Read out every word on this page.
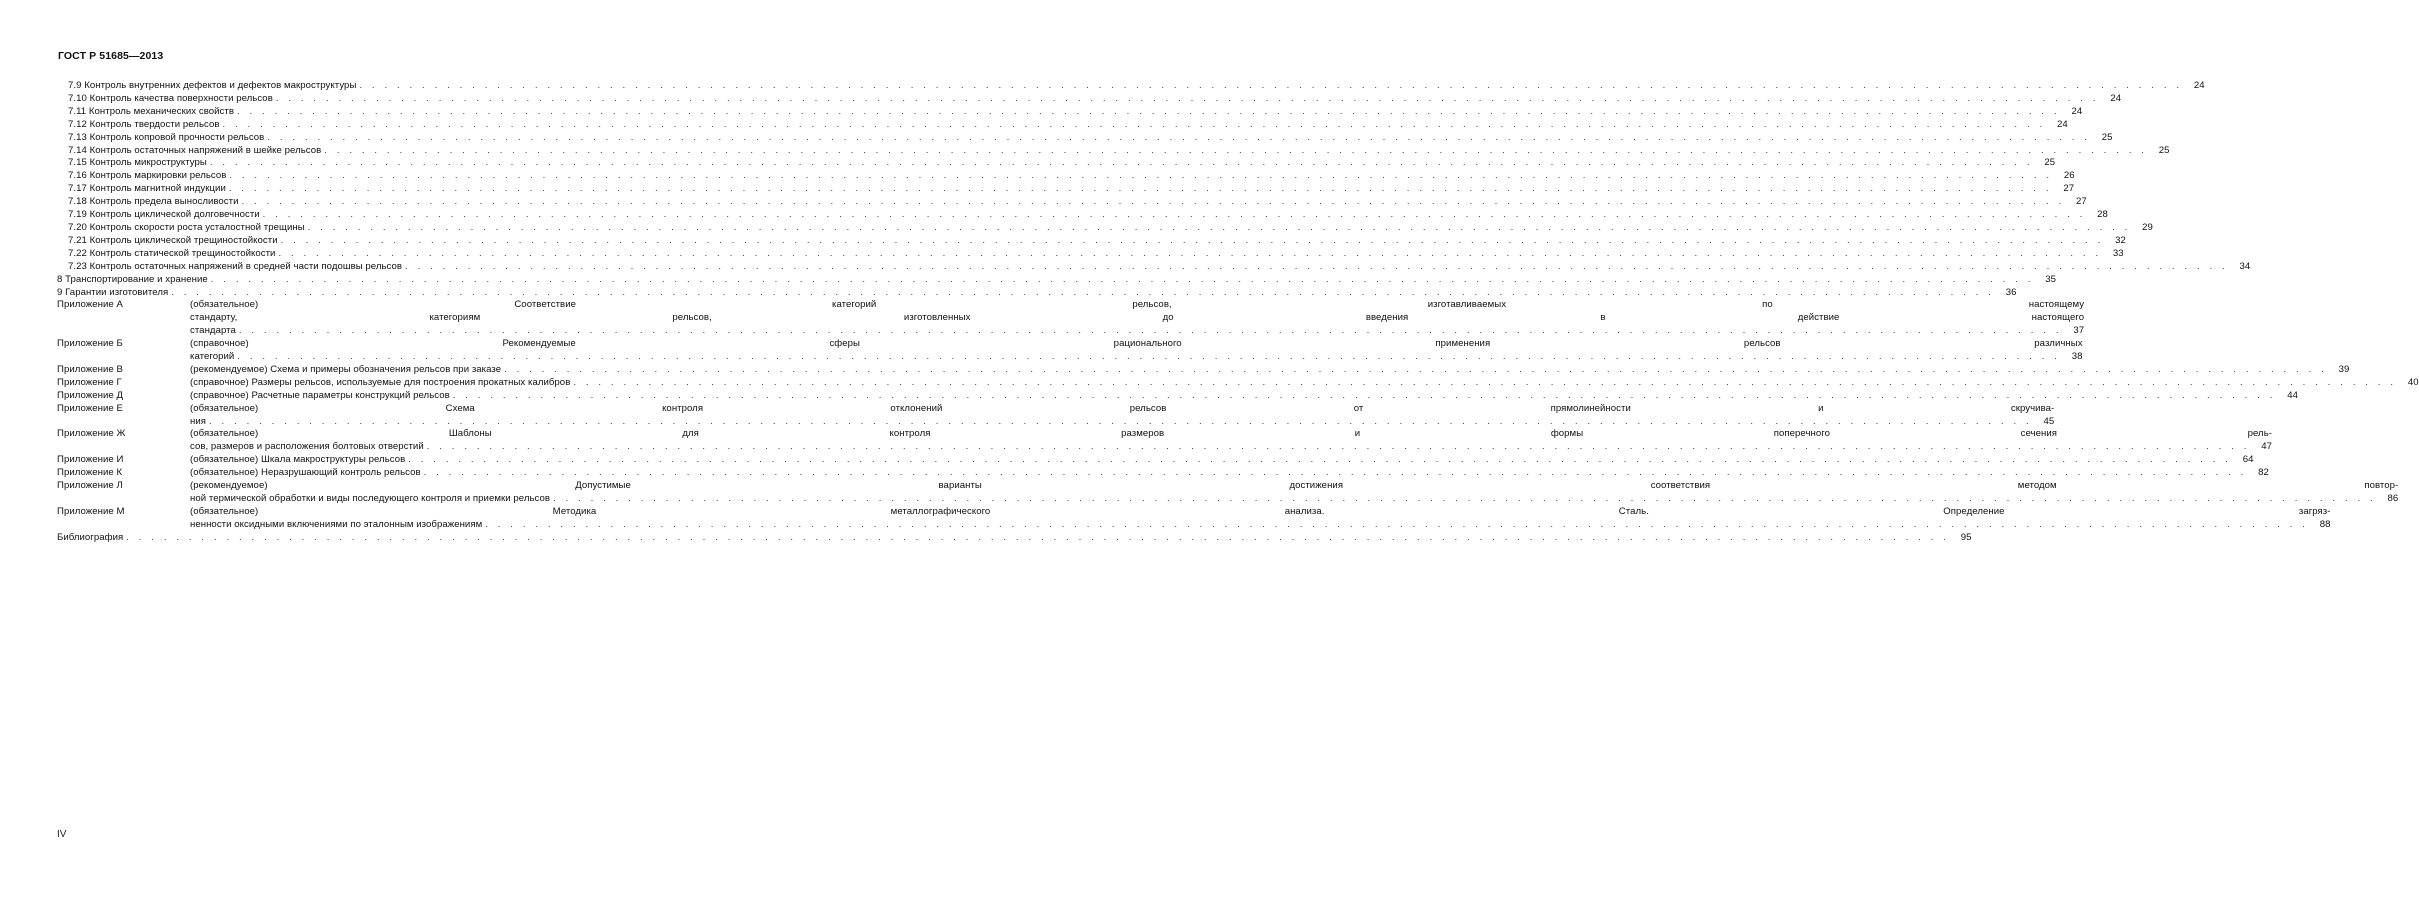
ГОСТ Р 51685—2013
7.9 Контроль внутренних дефектов и дефектов макроструктуры . . . . . . . . . . . . . . . . . . . . . . . . . . . . . . . . . . . . . . . . . . . . . . . . . . . . . . . . . . . . . . . . . . . . . . . . . . . . . . . . . . . . . . . . . . . . . . . . . . . . . . . . . . . . . . . . . . . . . . . . . . . . . . . . . . . . . . . . . . . . . . . . . .	24
7.10 Контроль качества поверхности рельсов . . . . . . . . . . . . . . . . . . . . . . . . . . . . . . . . . . . . . . . . . . . . . . . . . . . . . . . . . . . . . . . . . . . . . . . . . . . . . . . . . . . . . . . . . . . . . . . . . . . . . . . . . . . . . . . . . . . . . . . . . . . . . . . . . . . . . . . . . . . . . . . . . .	24
7.11 Контроль механических свойств . . . . . . . . . . . . . . . . . . . . . . . . . . . . . . . . . . . . . . . . . . . . . . . . . . . . . . . . . . . . . . . . . . . . . . . . . . . . . . . . . . . . . . . . . . . . . . . . . . . . . . . . . . . . . . . . . . . . . . . . . . . . . . . . . . . . . . . . . . . . . . . . . .	24
7.12 Контроль твердости рельсов . . . . . . . . . . . . . . . . . . . . . . . . . . . . . . . . . . . . . . . . . . . . . . . . . . . . . . . . . . . . . . . . . . . . . . . . . . . . . . . . . . . . . . . . . . . . . . . . . . . . . . . . . . . . . . . . . . . . . . . . . . . . . . . . . . . . . . . . . . . . . . . . . .	24
7.13 Контроль копровой прочности рельсов . . . . . . . . . . . . . . . . . . . . . . . . . . . . . . . . . . . . . . . . . . . . . . . . . . . . . . . . . . . . . . . . . . . . . . . . . . . . . . . . . . . . . . . . . . . . . . . . . . . . . . . . . . . . . . . . . . . . . . . . . . . . . . . . . . . . . . . . . . . . . . . . . .	25
7.14 Контроль остаточных напряжений в шейке рельсов . . . . . . . . . . . . . . . . . . . . . . . . . . . . . . . . . . . . . . . . . . . . . . . . . . . . . . . . . . . . . . . . . . . . . . . . . . . . . . . . . . . . . . . . . . . . . . . . . . . . . . . . . . . . . . . . . . . . . . . . . . . . . . . . . . . . . . . . . . . . . . . . . .	25
7.15 Контроль микроструктуры . . . . . . . . . . . . . . . . . . . . . . . . . . . . . . . . . . . . . . . . . . . . . . . . . . . . . . . . . . . . . . . . . . . . . . . . . . . . . . . . . . . . . . . . . . . . . . . . . . . . . . . . . . . . . . . . . . . . . . . . . . . . . . . . . . . . . . . . . . . . . . . . . .	25
7.16 Контроль маркировки рельсов . . . . . . . . . . . . . . . . . . . . . . . . . . . . . . . . . . . . . . . . . . . . . . . . . . . . . . . . . . . . . . . . . . . . . . . . . . . . . . . . . . . . . . . . . . . . . . . . . . . . . . . . . . . . . . . . . . . . . . . . . . . . . . . . . . . . . . . . . . . . . . . . . .	26
7.17 Контроль магнитной индукции . . . . . . . . . . . . . . . . . . . . . . . . . . . . . . . . . . . . . . . . . . . . . . . . . . . . . . . . . . . . . . . . . . . . . . . . . . . . . . . . . . . . . . . . . . . . . . . . . . . . . . . . . . . . . . . . . . . . . . . . . . . . . . . . . . . . . . . . . . . . . . . . . .	27
7.18 Контроль предела выносливости . . . . . . . . . . . . . . . . . . . . . . . . . . . . . . . . . . . . . . . . . . . . . . . . . . . . . . . . . . . . . . . . . . . . . . . . . . . . . . . . . . . . . . . . . . . . . . . . . . . . . . . . . . . . . . . . . . . . . . . . . . . . . . . . . . . . . . . . . . . . . . . . . .	27
7.19 Контроль циклической долговечности . . . . . . . . . . . . . . . . . . . . . . . . . . . . . . . . . . . . . . . . . . . . . . . . . . . . . . . . . . . . . . . . . . . . . . . . . . . . . . . . . . . . . . . . . . . . . . . . . . . . . . . . . . . . . . . . . . . . . . . . . . . . . . . . . . . . . . . . . . . . . . . . . .	28
7.20 Контроль скорости роста усталостной трещины . . . . . . . . . . . . . . . . . . . . . . . . . . . . . . . . . . . . . . . . . . . . . . . . . . . . . . . . . . . . . . . . . . . . . . . . . . . . . . . . . . . . . . . . . . . . . . . . . . . . . . . . . . . . . . . . . . . . . . . . . . . . . . . . . . . . . . . . . . . . . . . . . .	29
7.21 Контроль циклической трещиностойкости . . . . . . . . . . . . . . . . . . . . . . . . . . . . . . . . . . . . . . . . . . . . . . . . . . . . . . . . . . . . . . . . . . . . . . . . . . . . . . . . . . . . . . . . . . . . . . . . . . . . . . . . . . . . . . . . . . . . . . . . . . . . . . . . . . . . . . . . . . . . . . . . . .	32
7.22 Контроль статической трещиностойкости . . . . . . . . . . . . . . . . . . . . . . . . . . . . . . . . . . . . . . . . . . . . . . . . . . . . . . . . . . . . . . . . . . . . . . . . . . . . . . . . . . . . . . . . . . . . . . . . . . . . . . . . . . . . . . . . . . . . . . . . . . . . . . . . . . . . . . . . . . . . . . . . . .	33
7.23 Контроль остаточных напряжений в средней части подошвы рельсов . . . . . . . . . . . . . . . . . . . . . . . . . . . . . . . . . . . . . . . . . . . . . . . . . . . . . . . . . . . . . . . . . . . . . . . . . . . . . . . . . . . . . . . . . . . . . . . . . . . . . . . . . . . . . . . . . . . . . . . . . . . . . . . . . . . . . . . . . . . . . . . . . .	34
8 Транспортирование и хранение . . . . . . . . . . . . . . . . . . . . . . . . . . . . . . . . . . . . . . . . . . . . . . . . . . . . . . . . . . . . . . . . . . . . . . . . . . . . . . . . . . . . . . . . . . . . . . . . . . . . . . . . . . . . . . . . . . . . . . . . . . . . . . . . . . . . . . . . . . . . . . . . . .	35
9 Гарантии изготовителя . . . . . . . . . . . . . . . . . . . . . . . . . . . . . . . . . . . . . . . . . . . . . . . . . . . . . . . . . . . . . . . . . . . . . . . . . . . . . . . . . . . . . . . . . . . . . . . . . . . . . . . . . . . . . . . . . . . . . . . . . . . . . . . . . . . . . . . . . . . . . . . . . .	36
Приложение А	(обязательное) Соответствие категорий рельсов, изготавливаемых по настоящему
стандарту, категориям рельсов, изготовленных до введения в действие настоящего
стандарта . . . . . . . . . . . . . . . . . . . . . . . . . . . . . . . . . . . . . . . . . . . . . . . . . . . . . . . . . . . . . . . . . . . . . . . . . . . . . . . . . . . . . . . . . . . . . . . . . . . . . . . . . . . . . . . . . . . . . . . . . . . . . . . . . . . . . . . . . . . . . . . . . .	37
Приложение Б	(справочное) Рекомендуемые сферы рационального применения рельсов различных
категорий . . . . . . . . . . . . . . . . . . . . . . . . . . . . . . . . . . . . . . . . . . . . . . . . . . . . . . . . . . . . . . . . . . . . . . . . . . . . . . . . . . . . . . . . . . . . . . . . . . . . . . . . . . . . . . . . . . . . . . . . . . . . . . . . . . . . . . . . . . . . . . . . . .	38
Приложение В	(рекомендуемое) Схема и примеры обозначения рельсов при заказе . . . . . . . . . . . . . . . . . . . . . . . . . . . . . . . . . . . . . . . . . . . . . . . . . . . . . . . . . . . . . . . . . . . . . . . . . . . . . . . . . . . . . . . . . . . . . . . . . . . . . . . . . . . . . . . . . . . . . . . . . . . . . . . . . . . . . . . . . . . . . . . . . .	39
Приложение Г	(справочное) Размеры рельсов, используемые для построения прокатных калибров . . . . . . . . . . . . . . . . . . . . . . . . . . . . . . . . . . . . . . . . . . . . . . . . . . . . . . . . . . . . . . . . . . . . . . . . . . . . . . . . . . . . . . . . . . . . . . . . . . . . . . . . . . . . . . . . . . . . . . . . . . . . . . . . . . . . . . . . . . . . . . . . . .	40
Приложение Д	(справочное) Расчетные параметры конструкций рельсов . . . . . . . . . . . . . . . . . . . . . . . . . . . . . . . . . . . . . . . . . . . . . . . . . . . . . . . . . . . . . . . . . . . . . . . . . . . . . . . . . . . . . . . . . . . . . . . . . . . . . . . . . . . . . . . . . . . . . . . . . . . . . . . . . . . . . . . . . . . . . . . . . .	44
Приложение Е	(обязательное) Схема контроля отклонений рельсов от прямолинейности и скручива-
ния . . . . . . . . . . . . . . . . . . . . . . . . . . . . . . . . . . . . . . . . . . . . . . . . . . . . . . . . . . . . . . . . . . . . . . . . . . . . . . . . . . . . . . . . . . . . . . . . . . . . . . . . . . . . . . . . . . . . . . . . . . . . . . . . . . . . . . . . . . . . . . . . . .	45
Приложение Ж	(обязательное) Шаблоны для контроля размеров и формы поперечного сечения рель-
сов, размеров и расположения болтовых отверстий . . . . . . . . . . . . . . . . . . . . . . . . . . . . . . . . . . . . . . . . . . . . . . . . . . . . . . . . . . . . . . . . . . . . . . . . . . . . . . . . . . . . . . . . . . . . . . . . . . . . . . . . . . . . . . . . . . . . . . . . . . . . . . . . . . . . . . . . . . . . . . . . . .	47
Приложение И	(обязательное) Шкала макроструктуры рельсов . . . . . . . . . . . . . . . . . . . . . . . . . . . . . . . . . . . . . . . . . . . . . . . . . . . . . . . . . . . . . . . . . . . . . . . . . . . . . . . . . . . . . . . . . . . . . . . . . . . . . . . . . . . . . . . . . . . . . . . . . . . . . . . . . . . . . . . . . . . . . . . . . .	64
Приложение К	(обязательное) Неразрушающий контроль рельсов . . . . . . . . . . . . . . . . . . . . . . . . . . . . . . . . . . . . . . . . . . . . . . . . . . . . . . . . . . . . . . . . . . . . . . . . . . . . . . . . . . . . . . . . . . . . . . . . . . . . . . . . . . . . . . . . . . . . . . . . . . . . . . . . . . . . . . . . . . . . . . . . . .	82
Приложение Л	(рекомендуемое) Допустимые варианты достижения соответствия методом повтор-
ной термической обработки и виды последующего контроля и приемки рельсов . . . . . . . . . . . . . . . . . . . . . . . . . . . . . . . . . . . . . . . . . . . . . . . . . . . . . . . . . . . . . . . . . . . . . . . . . . . . . . . . . . . . . . . . . . . . . . . . . . . . . . . . . . . . . . . . . . . . . . . . . . . . . . . . . . . . . . . . . . . . . . . . . .	86
Приложение М	(обязательное) Методика металлографического анализа. Сталь. Определение загряз-
ненности оксидными включениями по эталонным изображениям . . . . . . . . . . . . . . . . . . . . . . . . . . . . . . . . . . . . . . . . . . . . . . . . . . . . . . . . . . . . . . . . . . . . . . . . . . . . . . . . . . . . . . . . . . . . . . . . . . . . . . . . . . . . . . . . . . . . . . . . . . . . . . . . . . . . . . . . . . . . . . . . . .	88
Библиография . . . . . . . . . . . . . . . . . . . . . . . . . . . . . . . . . . . . . . . . . . . . . . . . . . . . . . . . . . . . . . . . . . . . . . . . . . . . . . . . . . . . . . . . . . . . . . . . . . . . . . . . . . . . . . . . . . . . . . . . . . . . . . . . . . . . . . . . . . . . . . . . . .	95
IV
